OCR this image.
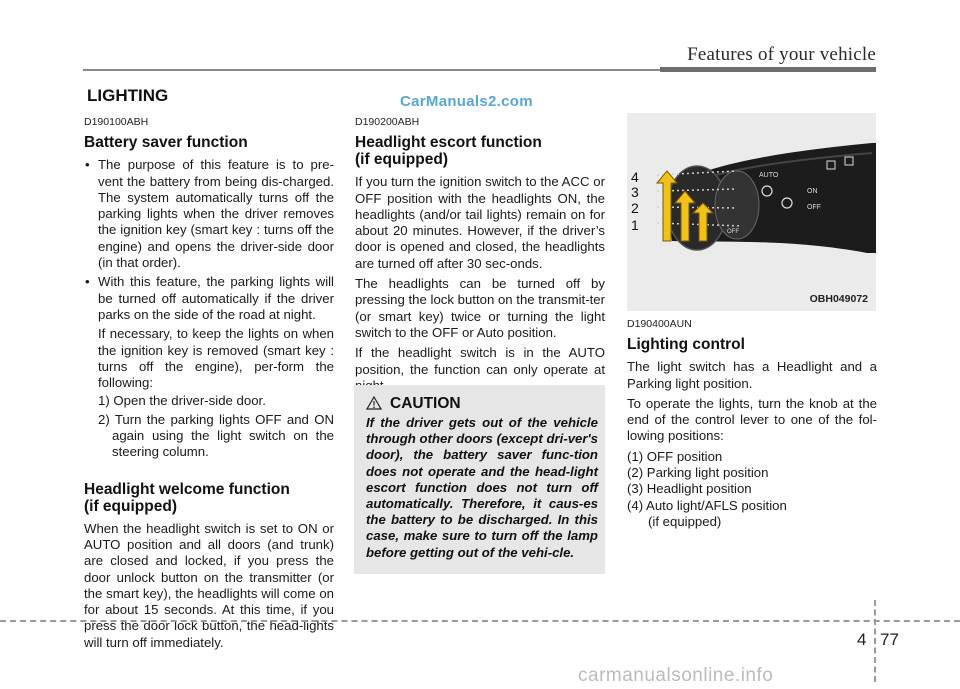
Features of your vehicle
LIGHTING	CarManuals2.com
D190100ABH
Battery saver function
• The purpose of this feature is to pre-vent the battery from being dis-charged. The system automatically turns off the parking lights when the driver removes the ignition key (smart key : turns off the engine) and opens the driver-side door (in that order).
• With this feature, the parking lights will be turned off automatically if the driver parks on the side of the road at night.
If necessary, to keep the lights on when the ignition key is removed (smart key : turns off the engine), per-form the following:
1) Open the driver-side door.
2) Turn the parking lights OFF and ON again using the light switch on the steering column.
Headlight welcome function (if equipped)
When the headlight switch is set to ON or AUTO position and all doors (and trunk) are closed and locked, if you press the door unlock button on the transmitter (or the smart key), the headlights will come on for about 15 seconds. At this time, if you press the door lock button, the head-lights will turn off immediately.
D190200ABH
Headlight escort function (if equipped)
If you turn the ignition switch to the ACC or OFF position with the headlights ON, the headlights (and/or tail lights) remain on for about 20 minutes. However, if the driver’s door is opened and closed, the headlights are turned off after 30 sec-onds.
The headlights can be turned off by pressing the lock button on the transmit-ter (or smart key) twice or turning the light switch to the OFF or Auto position.
If the headlight switch is in the AUTO position, the function can only operate at
CAUTION
If the driver gets out of the vehicle through other doors (except dri-ver's door), the battery saver func-tion does not operate and the head-light escort function does not turn off automatically. Therefore, it caus-es the battery to be discharged. In this case, make sure to turn off the lamp before getting out of the vehi-cle.
AUTO
ON
OFF
OFF
4
3
2
1
OBH049072
D190400AUN
Lighting control
The light switch has a Headlight and a Parking light position.
To operate the lights, turn the knob at the end of the control lever to one of the fol-lowing positions:
(1) OFF position
(2) Parking light position
(3) Headlight position
(4) Auto light/AFLS position
(if equipped)
4 77
carmanualsonline.info
